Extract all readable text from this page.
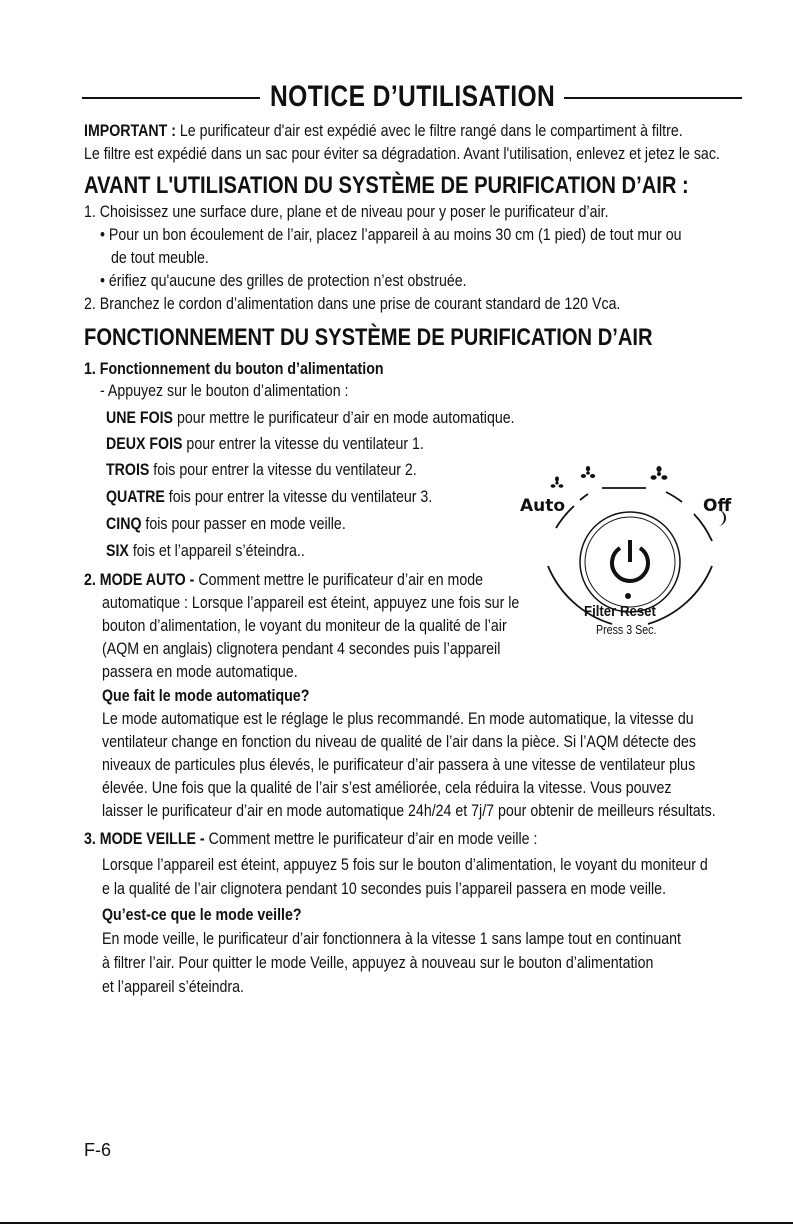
NOTICE D’UTILISATION
IMPORTANT : Le purificateur d'air est expédié avec le filtre rangé dans le compartiment à filtre.
Le filtre est expédié dans un sac pour éviter sa dégradation. Avant l'utilisation, enlevez et jetez le sac.
AVANT L'UTILISATION DU SYSTÈME DE PURIFICATION D’AIR :
1. Choisissez une surface dure, plane et de niveau pour y poser le purificateur d’air.
• Pour un bon écoulement de l’air, placez l’appareil à au moins 30 cm (1 pied) de tout mur ou
de tout meuble.
• érifiez qu'aucune des grilles de protection n’est obstruée.
2. Branchez le cordon d’alimentation dans une prise de courant standard de 120 Vca.
FONCTIONNEMENT DU SYSTÈME DE PURIFICATION D’AIR
1. Fonctionnement du bouton d’alimentation
- Appuyez sur le bouton d’alimentation :
UNE FOIS pour mettre le purificateur d’air en mode automatique.
DEUX FOIS pour entrer la vitesse du ventilateur 1.
TROIS fois pour entrer la vitesse du ventilateur 2.
QUATRE fois pour entrer la vitesse du ventilateur 3.
CINQ fois pour passer en mode veille.
SIX fois et l’appareil s’éteindra..
2. MODE AUTO - Comment mettre le purificateur d’air en mode
automatique : Lorsque l’appareil est éteint, appuyez une fois sur le
bouton d’alimentation, le voyant du moniteur de la qualité de l’air
(AQM en anglais) clignotera pendant 4 secondes puis l’appareil
passera en mode automatique.
Que fait le mode automatique?
Le mode automatique est le réglage le plus recommandé. En mode automatique, la vitesse du
ventilateur change en fonction du niveau de qualité de l’air dans la pièce. Si l’AQM détecte des
niveaux de particules plus élevés, le purificateur d’air passera à une vitesse de ventilateur plus
élevée. Une fois que la qualité de l’air s’est améliorée, cela réduira la vitesse. Vous pouvez
laisser le purificateur d’air en mode automatique 24h/24 et 7j/7 pour obtenir de meilleurs résultats.
3. MODE VEILLE - Comment mettre le purificateur d’air en mode veille :
Lorsque l’appareil est éteint, appuyez 5 fois sur le bouton d’alimentation, le voyant du moniteur d
e la qualité de l’air clignotera pendant 10 secondes puis l’appareil passera en mode veille.
Qu’est-ce que le mode veille?
En mode veille, le purificateur d’air fonctionnera à la vitesse 1 sans lampe tout en continuant
à filtrer l’air. Pour quitter le mode Veille, appuyez à nouveau sur le bouton d’alimentation
et l’appareil s’éteindra.
Auto	Off
Filter Reset
Press 3 Sec.
F-6
